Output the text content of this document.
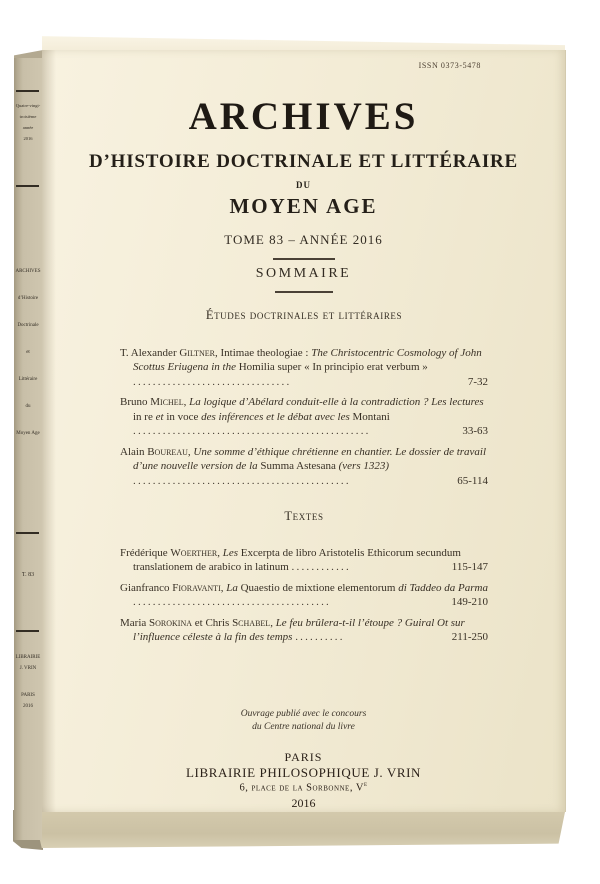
Quatre-vingt-
troisième
année
2016
ARCHIVES
d’Histoire
Doctrinale
et
Littéraire
du
Moyen Age
T. 83
LIBRAIRIE
J. VRIN
PARIS
2016
ISSN 0373-5478
ARCHIVES
D’HISTOIRE DOCTRINALE ET LITTÉRAIRE
DU
MOYEN AGE
TOME 83 – ANNÉE 2016
SOMMAIRE
Études doctrinales et littéraires
T. Alexander Giltner, Intimae theologiae : The Christocentric Cosmology of John Scottus Eriugena in the Homilia super « In principio erat verbum » ................................	7-32
Bruno Michel, La logique d’Abélard conduit-elle à la contradiction ? Les lectures in re et in voce des inférences et le débat avec les Montani ................................................	33-63
Alain Boureau, Une somme d’éthique chrétienne en chantier. Le dossier de travail d’une nouvelle version de la Summa Astesana (vers 1323) ............................................	65-114
Textes
Frédérique Woerther, Les Excerpta de libro Aristotelis Ethicorum secundum translationem de arabico in latinum ............	115-147
Gianfranco Fioravanti, La Quaestio de mixtione elementorum di Taddeo da Parma ........................................	149-210
Maria Sorokina et Chris Schabel, Le feu brûlera-t-il l’étoupe ? Guiral Ot sur l’influence céleste à la fin des temps ..........	211-250
Ouvrage publié avec le concours
du Centre national du livre
PARIS
LIBRAIRIE PHILOSOPHIQUE J. VRIN
6, place de la Sorbonne, Ve
2016
